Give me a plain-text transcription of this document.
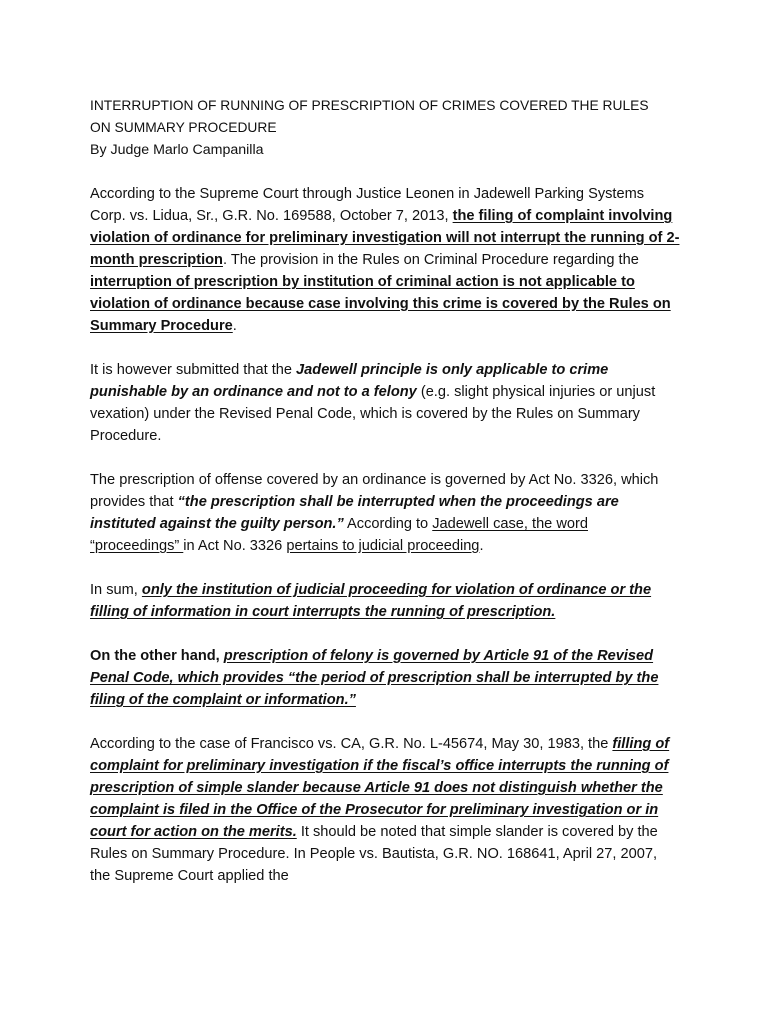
INTERRUPTION OF RUNNING OF PRESCRIPTION OF CRIMES COVERED THE RULES
ON SUMMARY PROCEDURE
By Judge Marlo Campanilla

According to the Supreme Court through Justice Leonen in Jadewell Parking Systems Corp. vs. Lidua, Sr., G.R. No. 169588, October 7, 2013, the filing of complaint involving violation of ordinance for preliminary investigation will not interrupt the running of 2-month prescription. The provision in the Rules on Criminal Procedure regarding the interruption of prescription by institution of criminal action is not applicable to violation of ordinance because case involving this crime is covered by the Rules on Summary Procedure.

It is however submitted that the Jadewell principle is only applicable to crime punishable by an ordinance and not to a felony (e.g. slight physical injuries or unjust vexation) under the Revised Penal Code, which is covered by the Rules on Summary Procedure.

The prescription of offense covered by an ordinance is governed by Act No. 3326, which provides that “the prescription shall be interrupted when the proceedings are instituted against the guilty person.” According to Jadewell case, the word “proceedings” in Act No. 3326 pertains to judicial proceeding.

In sum, only the institution of judicial proceeding for violation of ordinance or the filling of information in court interrupts the running of prescription.

On the other hand, prescription of felony is governed by Article 91 of the Revised Penal Code, which provides “the period of prescription shall be interrupted by the filing of the complaint or information.”

According to the case of Francisco vs. CA, G.R. No. L-45674, May 30, 1983, the filling of complaint for preliminary investigation if the fiscal’s office interrupts the running of prescription of simple slander because Article 91 does not distinguish whether the complaint is filed in the Office of the Prosecutor for preliminary investigation or in court for action on the merits. It should be noted that simple slander is covered by the Rules on Summary Procedure. In People vs. Bautista, G.R. NO. 168641, April 27, 2007, the Supreme Court applied the
